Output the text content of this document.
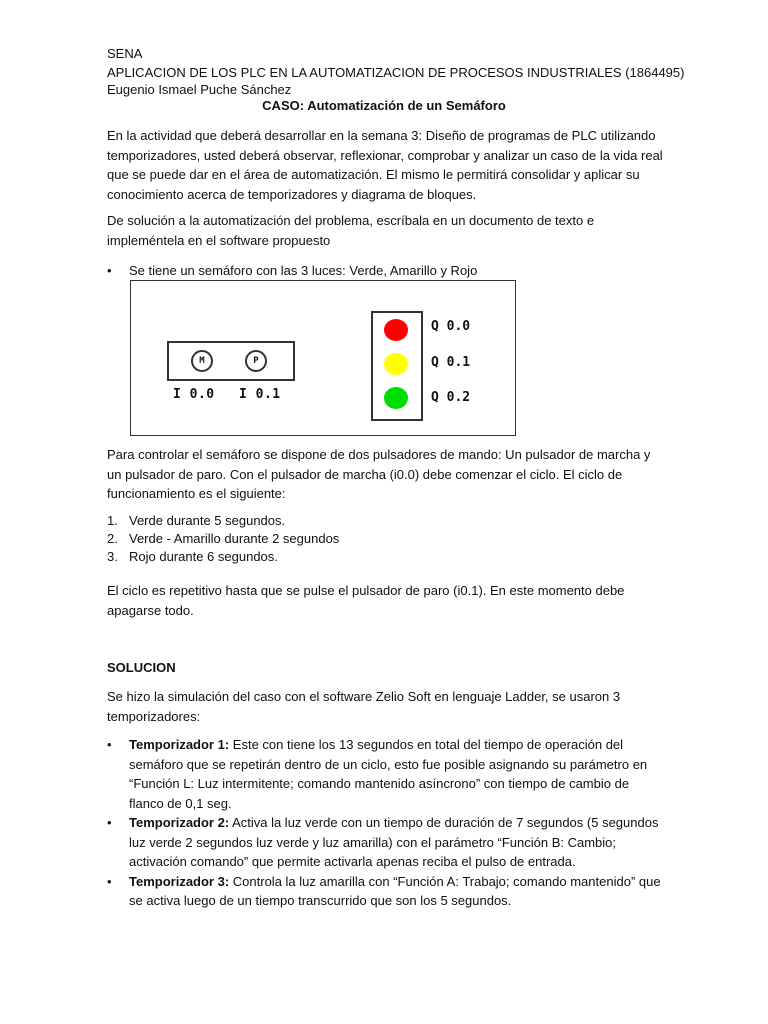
SENA
APLICACION DE LOS PLC EN LA AUTOMATIZACION DE PROCESOS INDUSTRIALES (1864495)
Eugenio Ismael Puche Sánchez
CASO: Automatización de un Semáforo
En la actividad que deberá desarrollar en la semana 3: Diseño de programas de PLC utilizando temporizadores, usted deberá observar, reflexionar, comprobar y analizar un caso de la vida real que se puede dar en el área de automatización. El mismo le permitirá consolidar y aplicar su conocimiento acerca de temporizadores y diagrama de bloques.
De solución a la automatización del problema, escríbala en un documento de texto e impleméntela en el software propuesto
•	Se tiene un semáforo con las 3 luces: Verde, Amarillo y Rojo
M	P
I 0.0 I 0.1
Q 0.0
Q 0.1
Q 0.2
Para controlar el semáforo se dispone de dos pulsadores de mando: Un pulsador de marcha y un pulsador de paro. Con el pulsador de marcha (i0.0) debe comenzar el ciclo. El ciclo de funcionamiento es el siguiente:
1. Verde durante 5 segundos.
2. Verde - Amarillo durante 2 segundos
3. Rojo durante 6 segundos.
El ciclo es repetitivo hasta que se pulse el pulsador de paro (i0.1). En este momento debe apagarse todo.
SOLUCION
Se hizo la simulación del caso con el software Zelio Soft en lenguaje Ladder, se usaron 3 temporizadores:
• Temporizador 1: Este con tiene los 13 segundos en total del tiempo de operación del semáforo que se repetirán dentro de un ciclo, esto fue posible asignando su parámetro en “Función L: Luz intermitente; comando mantenido asíncrono” con tiempo de cambio de flanco de 0,1 seg.
• Temporizador 2: Activa la luz verde con un tiempo de duración de 7 segundos (5 segundos luz verde 2 segundos luz verde y luz amarilla) con el parámetro “Función B: Cambio; activación comando” que permite activarla apenas reciba el pulso de entrada.
• Temporizador 3: Controla la luz amarilla con “Función A: Trabajo; comando mantenido” que se activa luego de un tiempo transcurrido que son los 5 segundos.
